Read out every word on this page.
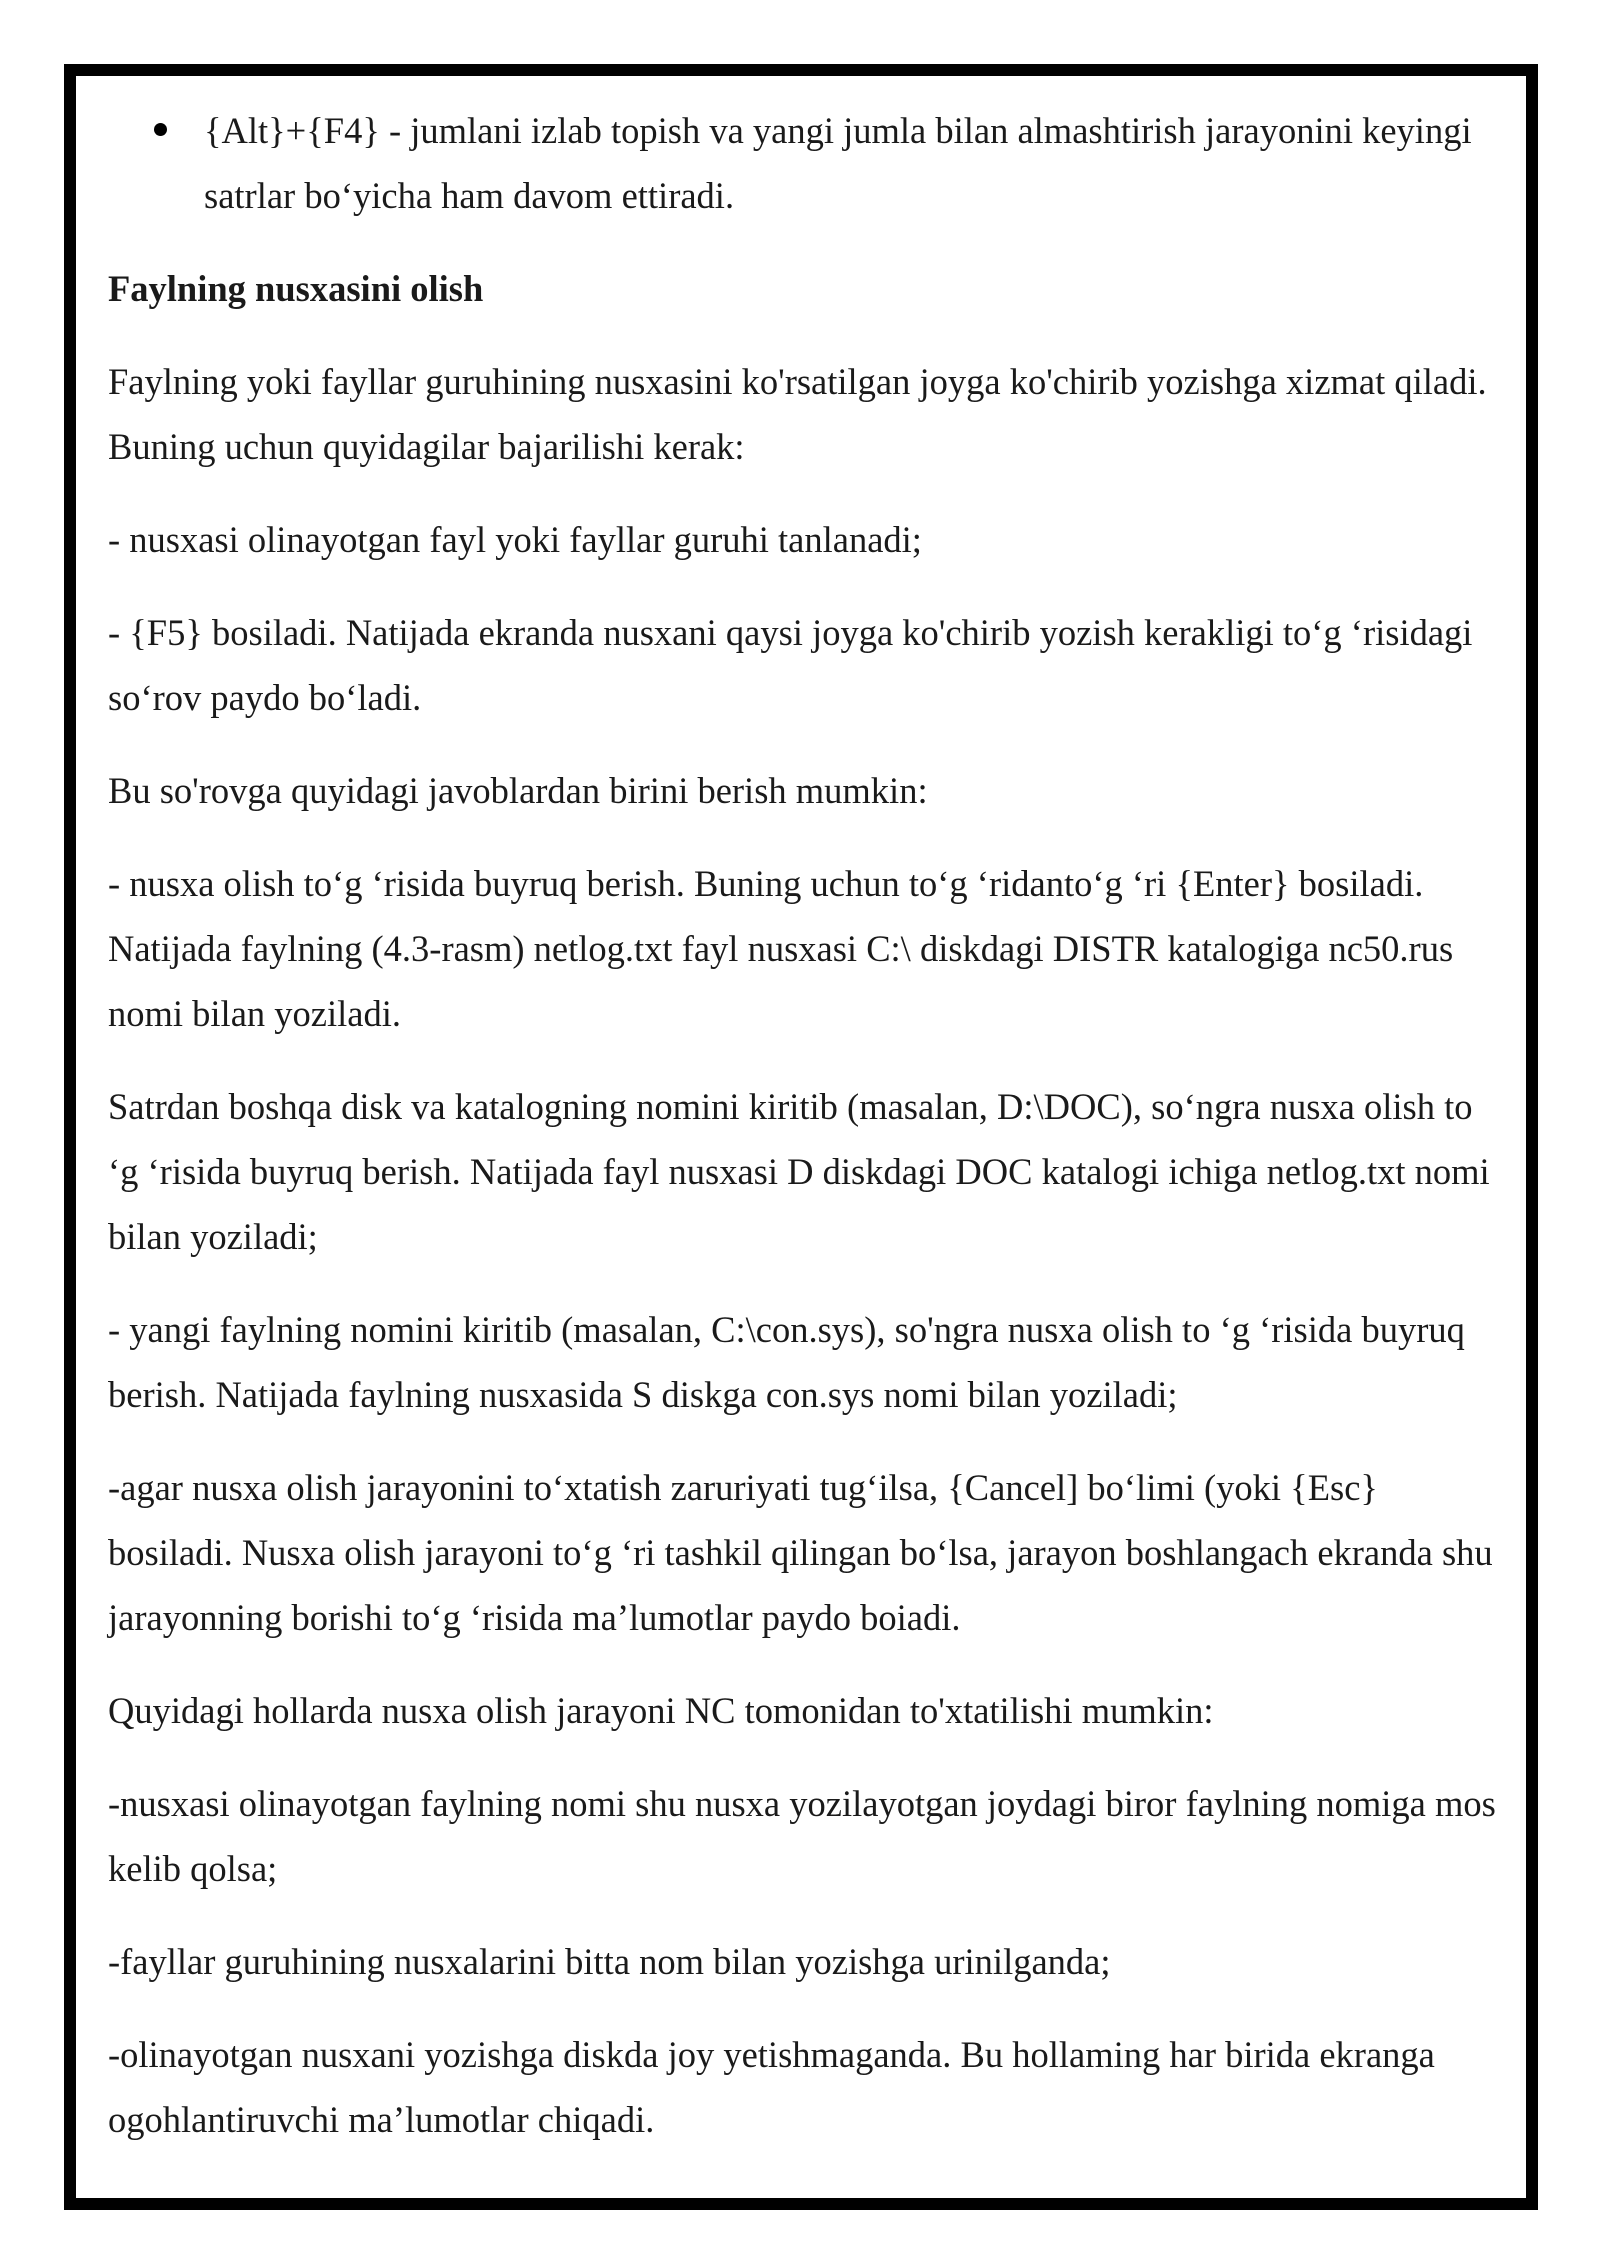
{Alt}+{F4} - jumlani izlab topish va yangi jumla bilan almashtirish jarayonini keyingi satrlar bo‘yicha ham davom ettiradi.
Faylning nusxasini olish

Faylning yoki fayllar guruhining nusxasini ko'rsatilgan joyga ko'chirib yozishga xizmat qiladi. Buning uchun quyidagilar bajarilishi kerak:

- nusxasi olinayotgan fayl yoki fayllar guruhi tanlanadi;

- {F5} bosiladi. Natijada ekranda nusxani qaysi joyga ko'chirib yozish kerakligi to‘g ‘risidagi so‘rov paydo bo‘ladi.

Bu so'rovga quyidagi javoblardan birini berish mumkin:

- nusxa olish to‘g ‘risida buyruq berish. Buning uchun to‘g ‘ridanto‘g ‘ri {Enter} bosiladi. Natijada faylning (4.3-rasm) netlog.txt fayl nusxasi C:\ diskdagi DISTR katalogiga nc50.rus nomi bilan yoziladi.

Satrdan boshqa disk va katalogning nomini kiritib (masalan, D:\DOC), so‘ngra nusxa olish to ‘g ‘risida buyruq berish. Natijada fayl nusxasi D diskdagi DOC katalogi ichiga netlog.txt nomi bilan yoziladi;

- yangi faylning nomini kiritib (masalan, C:\con.sys), so'ngra nusxa olish to ‘g ‘risida buyruq berish. Natijada faylning nusxasida S diskga con.sys nomi bilan yoziladi;

-agar nusxa olish jarayonini to‘xtatish zaruriyati tug‘ilsa, {Cancel] bo‘limi (yoki {Esc} bosiladi. Nusxa olish jarayoni to‘g ‘ri tashkil qilingan bo‘lsa, jarayon boshlangach ekranda shu jarayonning borishi to‘g ‘risida ma’lumotlar paydo boiadi.

Quyidagi hollarda nusxa olish jarayoni NC tomonidan to'xtatilishi mumkin:

-nusxasi olinayotgan faylning nomi shu nusxa yozilayotgan joydagi biror faylning nomiga mos kelib qolsa;

-fayllar guruhining nusxalarini bitta nom bilan yozishga urinilganda;

-olinayotgan nusxani yozishga diskda joy yetishmaganda. Bu hollaming har birida ekranga ogohlantiruvchi ma’lumotlar chiqadi.
